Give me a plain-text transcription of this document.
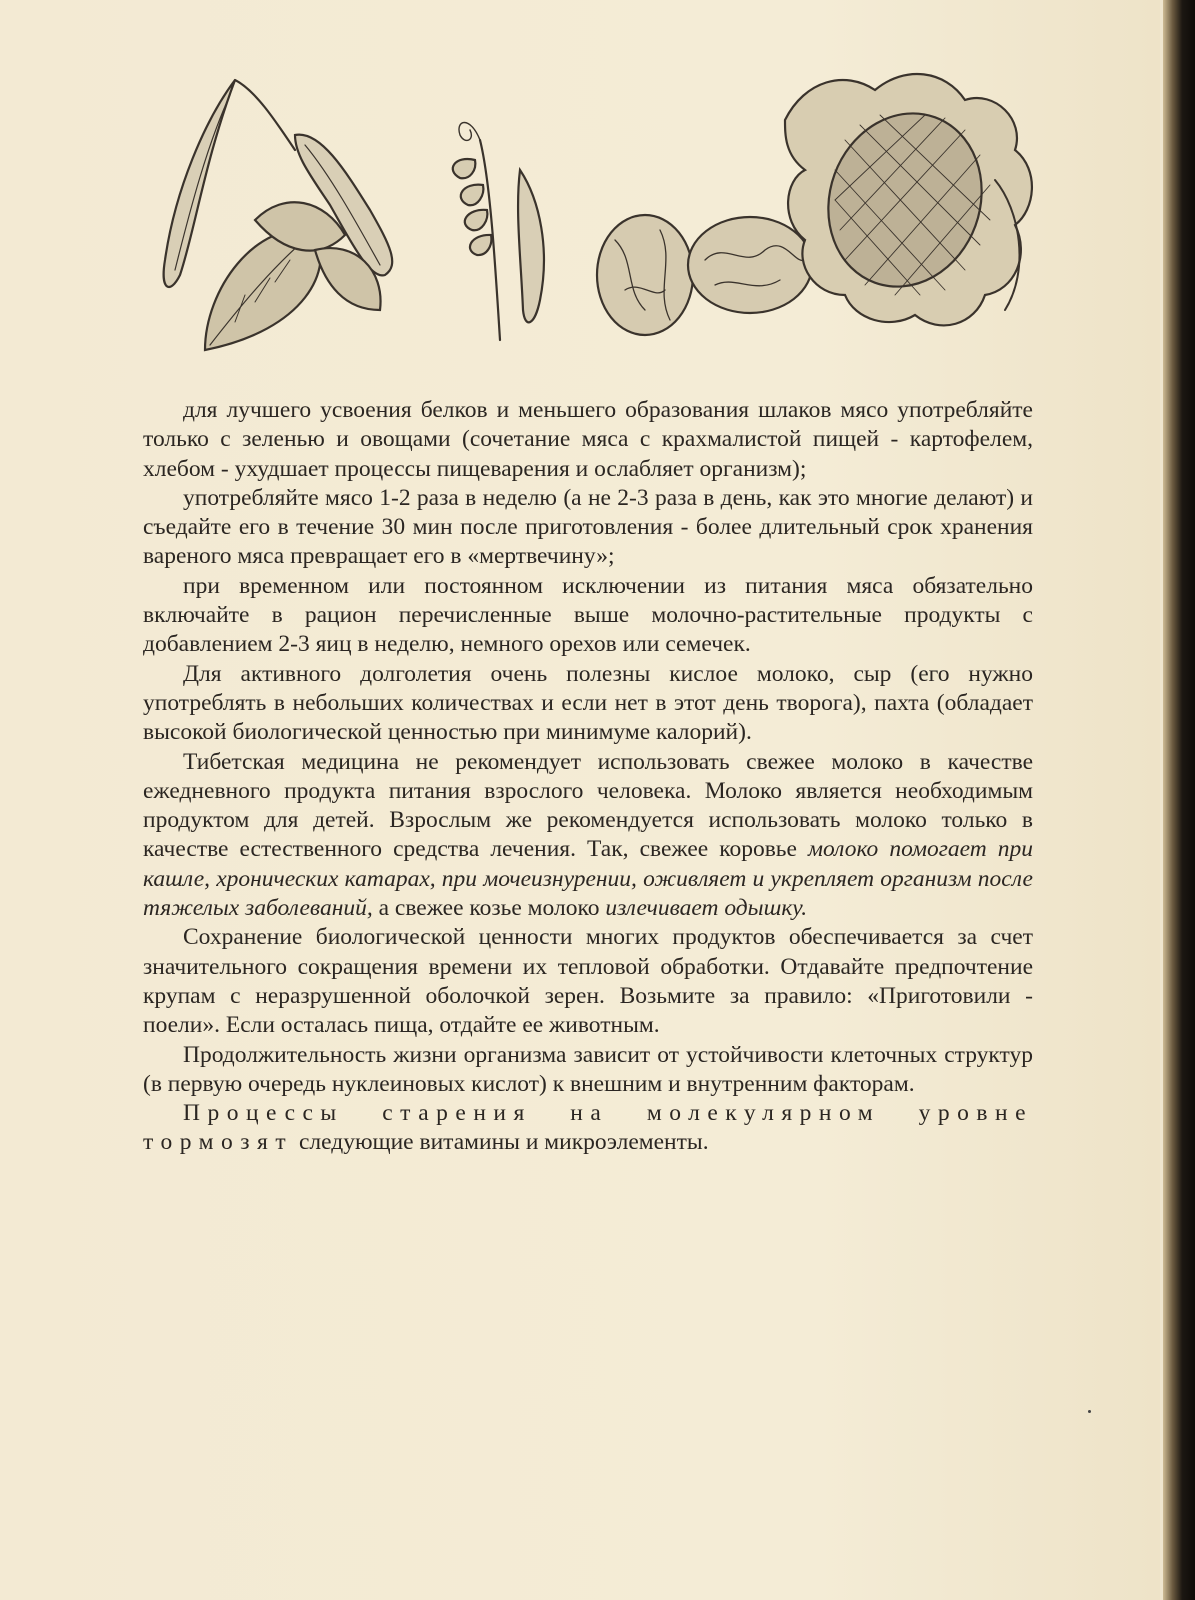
для лучшего усвоения белков и меньшего образования шлаков мясо употребляйте только с зеленью и овощами (сочетание мяса с крахмалистой пищей - картофелем, хлебом - ухудшает процессы пищеварения и ослабляет организм);

употребляйте мясо 1-2 раза в неделю (а не 2-3 раза в день, как это многие делают) и съедайте его в течение 30 мин после приготовления - более длительный срок хранения вареного мяса превращает его в «мертвечину»;

при временном или постоянном исключении из питания мяса обязательно включайте в рацион перечисленные выше молочно-растительные продукты с добавлением 2-3 яиц в неделю, немного орехов или семечек.

Для активного долголетия очень полезны кислое молоко, сыр (его нужно употреблять в небольших количествах и если нет в этот день творога), пахта (обладает высокой биологической ценностью при минимуме калорий).

Тибетская медицина не рекомендует использовать свежее молоко в качестве ежедневного продукта питания взрослого человека. Молоко является необходимым продуктом для детей. Взрослым же рекомендуется использовать молоко только в качестве естественного средства лечения. Так, свежее коровье молоко помогает при кашле, хронических катарах, при мочеизнурении, оживляет и укрепляет организм после тяжелых заболеваний, а свежее козье молоко излечивает одышку.

Сохранение биологической ценности многих продуктов обеспечивается за счет значительного сокращения времени их тепловой обработки. Отдавайте предпочтение крупам с неразрушенной оболочкой зерен. Возьмите за правило: «Приготовили - поели». Если осталась пища, отдайте ее животным.

Продолжительность жизни организма зависит от устойчивости клеточных структур (в первую очередь нуклеиновых кислот) к внешним и внутренним факторам.

Процессы старения на молекулярном уровне тормозят следующие витамины и микроэлементы.
